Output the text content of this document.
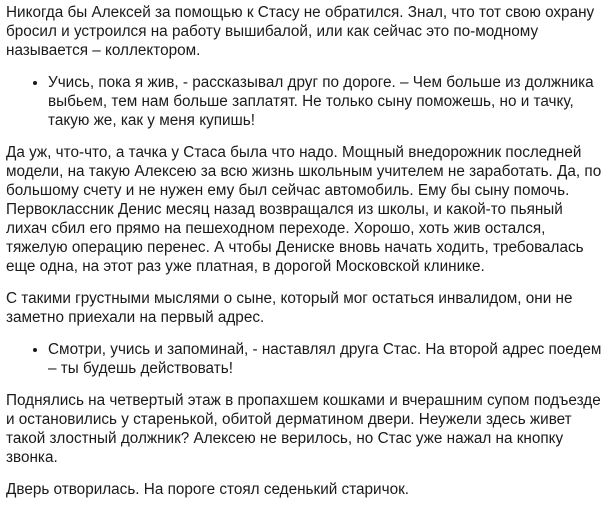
Никогда бы Алексей за помощью к Стасу не обратился. Знал, что тот свою охрану бросил и устроился на работу вышибалой, или как сейчас это по-модному называется – коллектором.

• Учись, пока я жив, - рассказывал друг по дороге. – Чем больше из должника выбьем, тем нам больше заплатят. Не только сыну поможешь, но и тачку, такую же, как у меня купишь!

Да уж, что-что, а тачка у Стаса была что надо. Мощный внедорожник последней модели, на такую Алексею за всю жизнь школьным учителем не заработать. Да, по большому счету и не нужен ему был сейчас автомобиль. Ему бы сыну помочь. Первоклассник Денис месяц назад возвращался из школы, и какой-то пьяный лихач сбил его прямо на пешеходном переходе. Хорошо, хоть жив остался, тяжелую операцию перенес. А чтобы Дениске вновь начать ходить, требовалась еще одна, на этот раз уже платная, в дорогой Московской клинике.

С такими грустными мыслями о сыне, который мог остаться инвалидом, они не заметно приехали на первый адрес.

• Смотри, учись и запоминай, - наставлял друга Стас. На второй адрес поедем – ты будешь действовать!

Поднялись на четвертый этаж в пропахшем кошками и вчерашним супом подъезде и остановились у старенькой, обитой дерматином двери. Неужели здесь живет такой злостный должник? Алексею не верилось, но Стас уже нажал на кнопку звонка.

Дверь отворилась. На пороге стоял седенький старичок.
